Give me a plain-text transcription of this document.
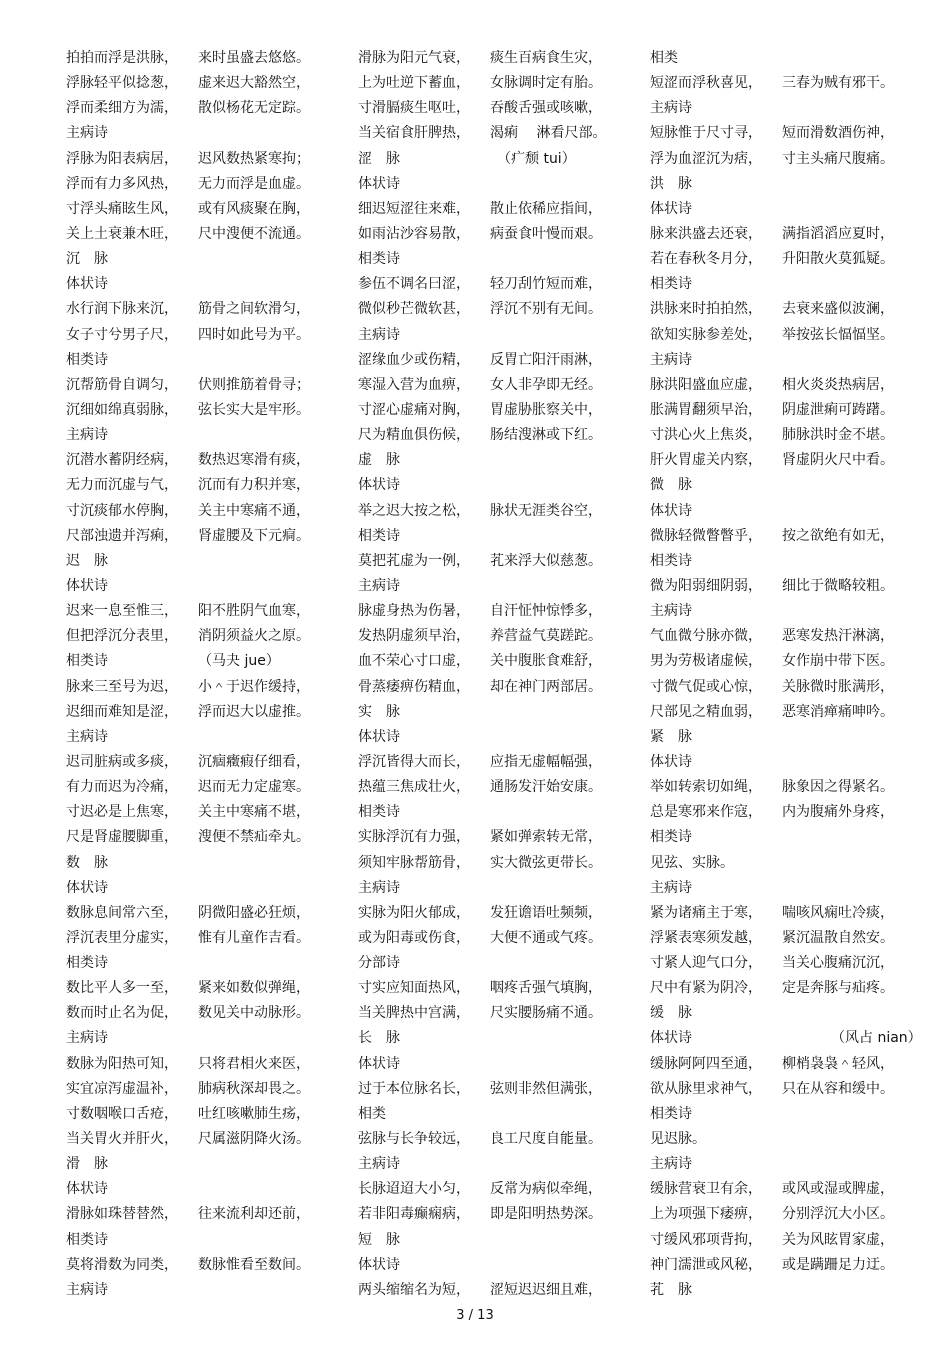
拍拍而浮是洪脉， 来时虽盛去悠悠。
浮脉轻平似捻葱， 虚来迟大豁然空，
浮而柔细方为濡， 散似杨花无定踪。
主病诗
浮脉为阳表病居， 迟风数热紧寒拘；
浮而有力多风热， 无力而浮是血虚。
寸浮头痛眩生风， 或有风痰聚在胸，
关上土衰兼木旺， 尺中溲便不流通。
沉　脉
体状诗
水行润下脉来沉， 筋骨之间软滑匀，
女子寸兮男子尺， 四时如此号为平。
相类诗
沉帮筋骨自调匀， 伏则推筋着骨寻；
沉细如绵真弱脉， 弦长实大是牢形。
主病诗
沉潜水蓄阴经病， 数热迟寒滑有痰，
无力而沉虚与气， 沉而有力积并寒，
寸沉痰郁水停胸， 关主中寒痛不通，
尺部浊遗并泻痢， 肾虚腰及下元痌。
迟　脉
体状诗
迟来一息至惟三， 阳不胜阴气血寒，
但把浮沉分表里， 消阴须益火之原。
相类诗	（马夬 jue）
脉来三至号为迟， 小＾于迟作缓持，
迟细而难知是涩， 浮而迟大以虚推。
主病诗
迟司脏病或多痰， 沉痼癥瘕仔细看，
有力而迟为冷痛， 迟而无力定虚寒。
寸迟必是上焦寒， 关主中寒痛不堪，
尺是肾虚腰脚重， 溲便不禁疝牵丸。
数　脉
体状诗
数脉息间常六至， 阴微阳盛必狂烦，
浮沉表里分虚实， 惟有儿童作吉看。
相类诗
数比平人多一至， 紧来如数似弹绳，
数而时止名为促， 数见关中动脉形。
主病诗
数脉为阳热可知， 只将君相火来医，
实宜凉泻虚温补， 肺病秋深却畏之。
寸数咽喉口舌疮， 吐红咳嗽肺生疡，
当关胃火并肝火， 尺属滋阴降火汤。
滑　脉
体状诗
滑脉如珠替替然， 往来流利却还前，
相类诗
莫将滑数为同类， 数脉惟看至数间。
主病诗
滑脉为阳元气衰， 痰生百病食生灾，
上为吐逆下蓄血， 女脉调时定有胎。
寸滑膈痰生呕吐， 吞酸舌强或咳嗽，
当关宿食肝脾热， 渴痢　 淋看尺部。
涩　脉	　（疒颓 tui）
体状诗
细迟短涩往来难， 散止依稀应指间，
如雨沾沙容易散， 病蚕食叶慢而艰。
相类诗
参伍不调名曰涩， 轻刀刮竹短而难，
微似秒芒微软甚， 浮沉不别有无间。
主病诗
涩缘血少或伤精， 反胃亡阳汗雨淋，
寒湿入营为血痹， 女人非孕即无经。
寸涩心虚痛对胸， 胃虚胁胀察关中，
尺为精血俱伤候， 肠结溲淋或下红。
虚　脉
体状诗
举之迟大按之松， 脉状无涯类谷空，
相类诗
莫把芤虚为一例， 芤来浮大似慈葱。
主病诗
脉虚身热为伤暑， 自汗怔忡惊悸多，
发热阴虚须早治， 养营益气莫蹉跎。
血不荣心寸口虚， 关中腹胀食难舒，
骨蒸痿痹伤精血， 却在神门两部居。
实　脉
体状诗
浮沉皆得大而长， 应指无虚幅幅强，
热蕴三焦成壮火， 通肠发汗始安康。
相类诗
实脉浮沉有力强， 紧如弹索转无常，
须知牢脉帮筋骨， 实大微弦更带长。
主病诗
实脉为阳火郁成， 发狂谵语吐频频，
或为阳毒或伤食， 大便不通或气疼。
分部诗
寸实应知面热风， 咽疼舌强气填胸，
当关脾热中宫满， 尺实腰肠痛不通。
长　脉
体状诗
过于本位脉名长， 弦则非然但满张，
相类
弦脉与长争较远， 良工尺度自能量。
主病诗
长脉迢迢大小匀， 反常为病似牵绳，
若非阳毒癫痫病， 即是阳明热势深。
短　脉
体状诗
两头缩缩名为短， 涩短迟迟细且难，
相类
短涩而浮秋喜见， 三春为贼有邪干。
主病诗
短脉惟于尺寸寻， 短而滑数酒伤神，
浮为血涩沉为痞， 寸主头痛尺腹痛。
洪　脉
体状诗
脉来洪盛去还衰， 满指滔滔应夏时，
若在春秋冬月分， 升阳散火莫狐疑。
相类诗
洪脉来时拍拍然， 去衰来盛似波澜，
欲知实脉参差处， 举按弦长愊愊坚。
主病诗
脉洪阳盛血应虚， 相火炎炎热病居，
胀满胃翻须早治， 阴虚泄痢可踌躇。
寸洪心火上焦炎， 肺脉洪时金不堪。
肝火胃虚关内察， 肾虚阴火尺中看。
微　脉
体状诗
微脉轻微瞥瞥乎， 按之欲绝有如无，
相类诗
微为阳弱细阴弱， 细比于微略较粗。
主病诗
气血微兮脉亦微， 恶寒发热汗淋漓，
男为劳极诸虚候， 女作崩中带下医。
寸微气促或心惊， 关脉微时胀满形，
尺部见之精血弱， 恶寒消瘅痛呻吟。
紧　脉
体状诗
举如转索切如绳， 脉象因之得紧名。
总是寒邪来作寇， 内为腹痛外身疼，
相类诗
见弦、实脉。
主病诗
紧为诸痛主于寒， 喘咳风痫吐冷痰，
浮紧表寒须发越， 紧沉温散自然安。
寸紧人迎气口分， 当关心腹痛沉沉，
尺中有紧为阴冷， 定是奔豚与疝疼。
缓　脉
体状诗	　　　　（风占 nian）
缓脉阿阿四至通， 柳梢袅袅＾轻风，
欲从脉里求神气， 只在从容和缓中。
相类诗
见迟脉。
主病诗
缓脉营衰卫有余， 或风或湿或脾虚，
上为项强下痿痹， 分别浮沉大小区。
寸缓风邪项背拘， 关为风眩胃家虚，
神门濡泄或风秘， 或是蹒跚足力迂。
芤　脉
3 / 13
